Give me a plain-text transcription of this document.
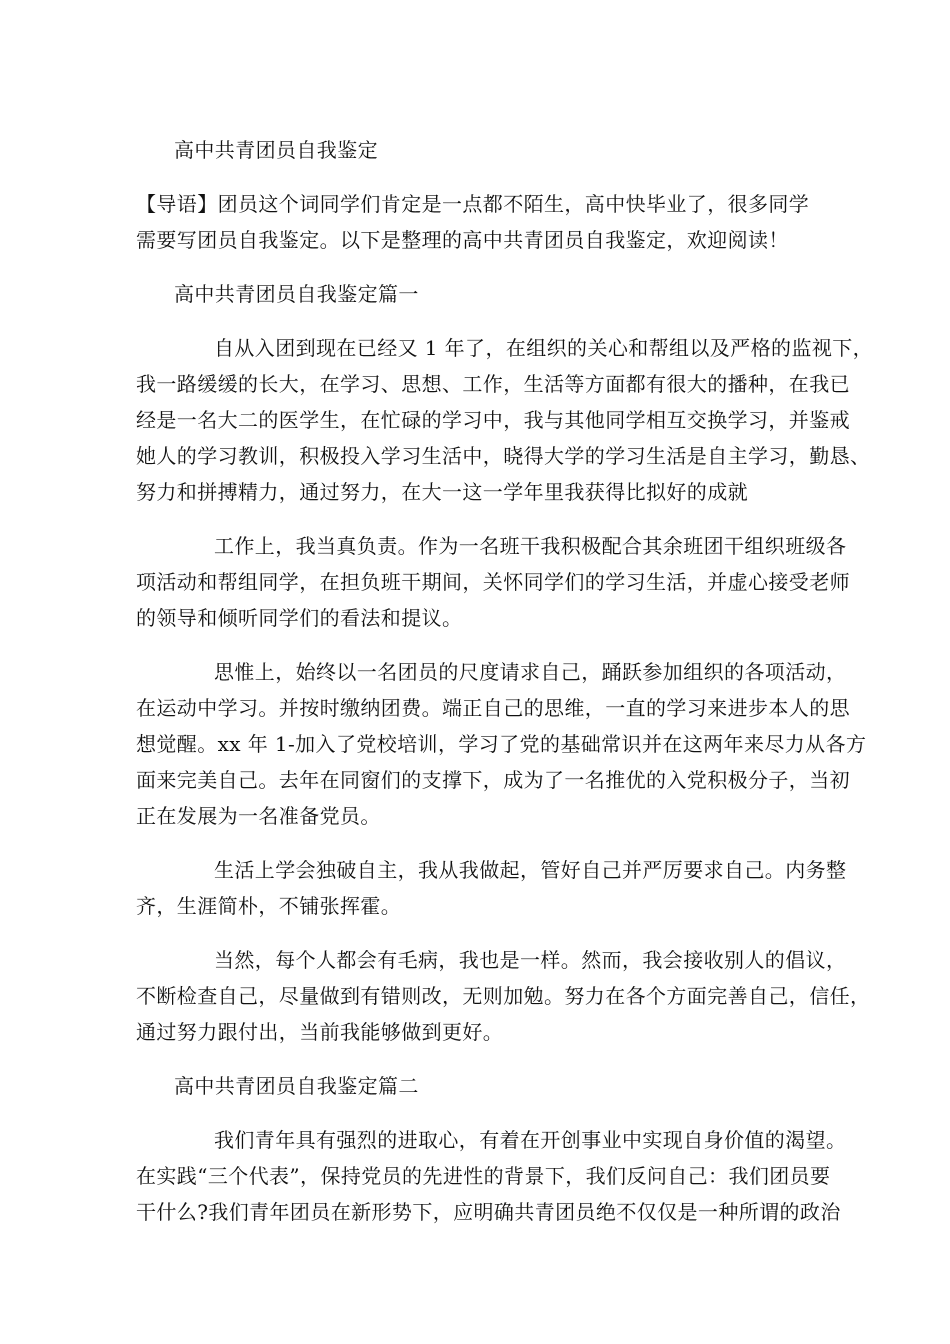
高中共青团员自我鉴定
【导语】团员这个词同学们肯定是一点都不陌生，高中快毕业了，很多同学
需要写团员自我鉴定。以下是整理的高中共青团员自我鉴定，欢迎阅读！
高中共青团员自我鉴定篇一
自从入团到现在已经又 1 年了，在组织的关心和帮组以及严格的监视下，
我一路缓缓的长大，在学习、思想、工作，生活等方面都有很大的播种，在我已
经是一名大二的医学生，在忙碌的学习中，我与其他同学相互交换学习，并鉴戒
她人的学习教训，积极投入学习生活中，晓得大学的学习生活是自主学习，勤恳、
努力和拼搏精力，通过努力，在大一这一学年里我获得比拟好的成就
工作上，我当真负责。作为一名班干我积极配合其余班团干组织班级各
项活动和帮组同学，在担负班干期间，关怀同学们的学习生活，并虚心接受老师
的领导和倾听同学们的看法和提议。
思惟上，始终以一名团员的尺度请求自己，踊跃参加组织的各项活动，
在运动中学习。并按时缴纳团费。端正自己的思维，一直的学习来进步本人的思
想觉醒。xx 年 1-加入了党校培训，学习了党的基础常识并在这两年来尽力从各方
面来完美自己。去年在同窗们的支撑下，成为了一名推优的入党积极分子，当初
正在发展为一名准备党员。
生活上学会独破自主，我从我做起，管好自己并严厉要求自己。内务整
齐，生涯简朴，不铺张挥霍。
当然，每个人都会有毛病，我也是一样。然而，我会接收别人的倡议，
不断检查自己，尽量做到有错则改，无则加勉。努力在各个方面完善自己，信任，
通过努力跟付出，当前我能够做到更好。
高中共青团员自我鉴定篇二
我们青年具有强烈的进取心，有着在开创事业中实现自身价值的渴望。
在实践“三个代表”，保持党员的先进性的背景下，我们反问自己：我们团员要
干什么?我们青年团员在新形势下，应明确共青团员绝不仅仅是一种所谓的政治
